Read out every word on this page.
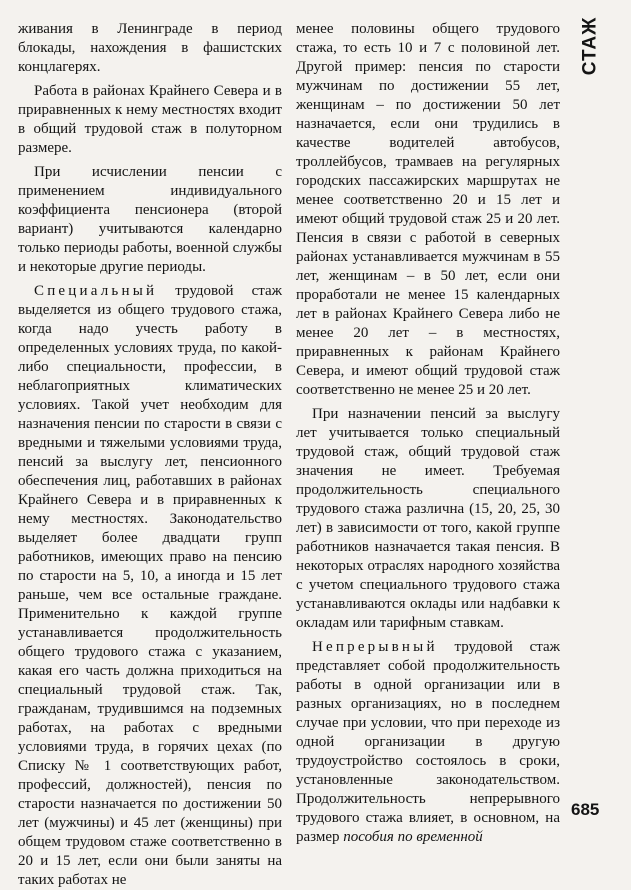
живания в Ленинграде в период блокады, нахождения в фашистских концлагерях.

Работа в районах Крайнего Севера и в приравненных к нему местностях входит в общий трудовой стаж в полуторном размере.

При исчислении пенсии с применением индивидуального коэффициента пенсионера (второй вариант) учитываются календарно только периоды работы, военной службы и некоторые другие периоды.

Специальный трудовой стаж выделяется из общего трудового стажа, когда надо учесть работу в определенных условиях труда, по какой-либо специальности, профессии, в неблагоприятных климатических условиях. Такой учет необходим для назначения пенсии по старости в связи с вредными и тяжелыми условиями труда, пенсий за выслугу лет, пенсионного обеспечения лиц, работавших в районах Крайнего Севера и в приравненных к нему местностях. Законодательство выделяет более двадцати групп работников, имеющих право на пенсию по старости на 5, 10, а иногда и 15 лет раньше, чем все остальные граждане. Применительно к каждой группе устанавливается продолжительность общего трудового стажа с указанием, какая его часть должна приходиться на специальный трудовой стаж. Так, гражданам, трудившимся на подземных работах, на работах с вредными условиями труда, в горячих цехах (по Списку № 1 соответствующих работ, профессий, должностей), пенсия по старости назначается по достижении 50 лет (мужчины) и 45 лет (женщины) при общем трудовом стаже соответственно в 20 и 15 лет, если они были заняты на таких работах не

менее половины общего трудового стажа, то есть 10 и 7 с половиной лет. Другой пример: пенсия по старости мужчинам по достижении 55 лет, женщинам – по достижении 50 лет назначается, если они трудились в качестве водителей автобусов, троллейбусов, трамваев на регулярных городских пассажирских маршрутах не менее соответственно 20 и 15 лет и имеют общий трудовой стаж 25 и 20 лет. Пенсия в связи с работой в северных районах устанавливается мужчинам в 55 лет, женщинам – в 50 лет, если они проработали не менее 15 календарных лет в районах Крайнего Севера либо не менее 20 лет – в местностях, приравненных к районам Крайнего Севера, и имеют общий трудовой стаж соответственно не менее 25 и 20 лет.

При назначении пенсий за выслугу лет учитывается только специальный трудовой стаж, общий трудовой стаж значения не имеет. Требуемая продолжительность специального трудового стажа различна (15, 20, 25, 30 лет) в зависимости от того, какой группе работников назначается такая пенсия. В некоторых отраслях народного хозяйства с учетом специального трудового стажа устанавливаются оклады или надбавки к окладам или тарифным ставкам.

Непрерывный трудовой стаж представляет собой продолжительность работы в одной организации или в разных организациях, но в последнем случае при условии, что при переходе из одной организации в другую трудоустройство состоялось в сроки, установленные законодательством. Продолжительность непрерывного трудового стажа влияет, в основном, на размер пособия по временной

СТАЖ
685
